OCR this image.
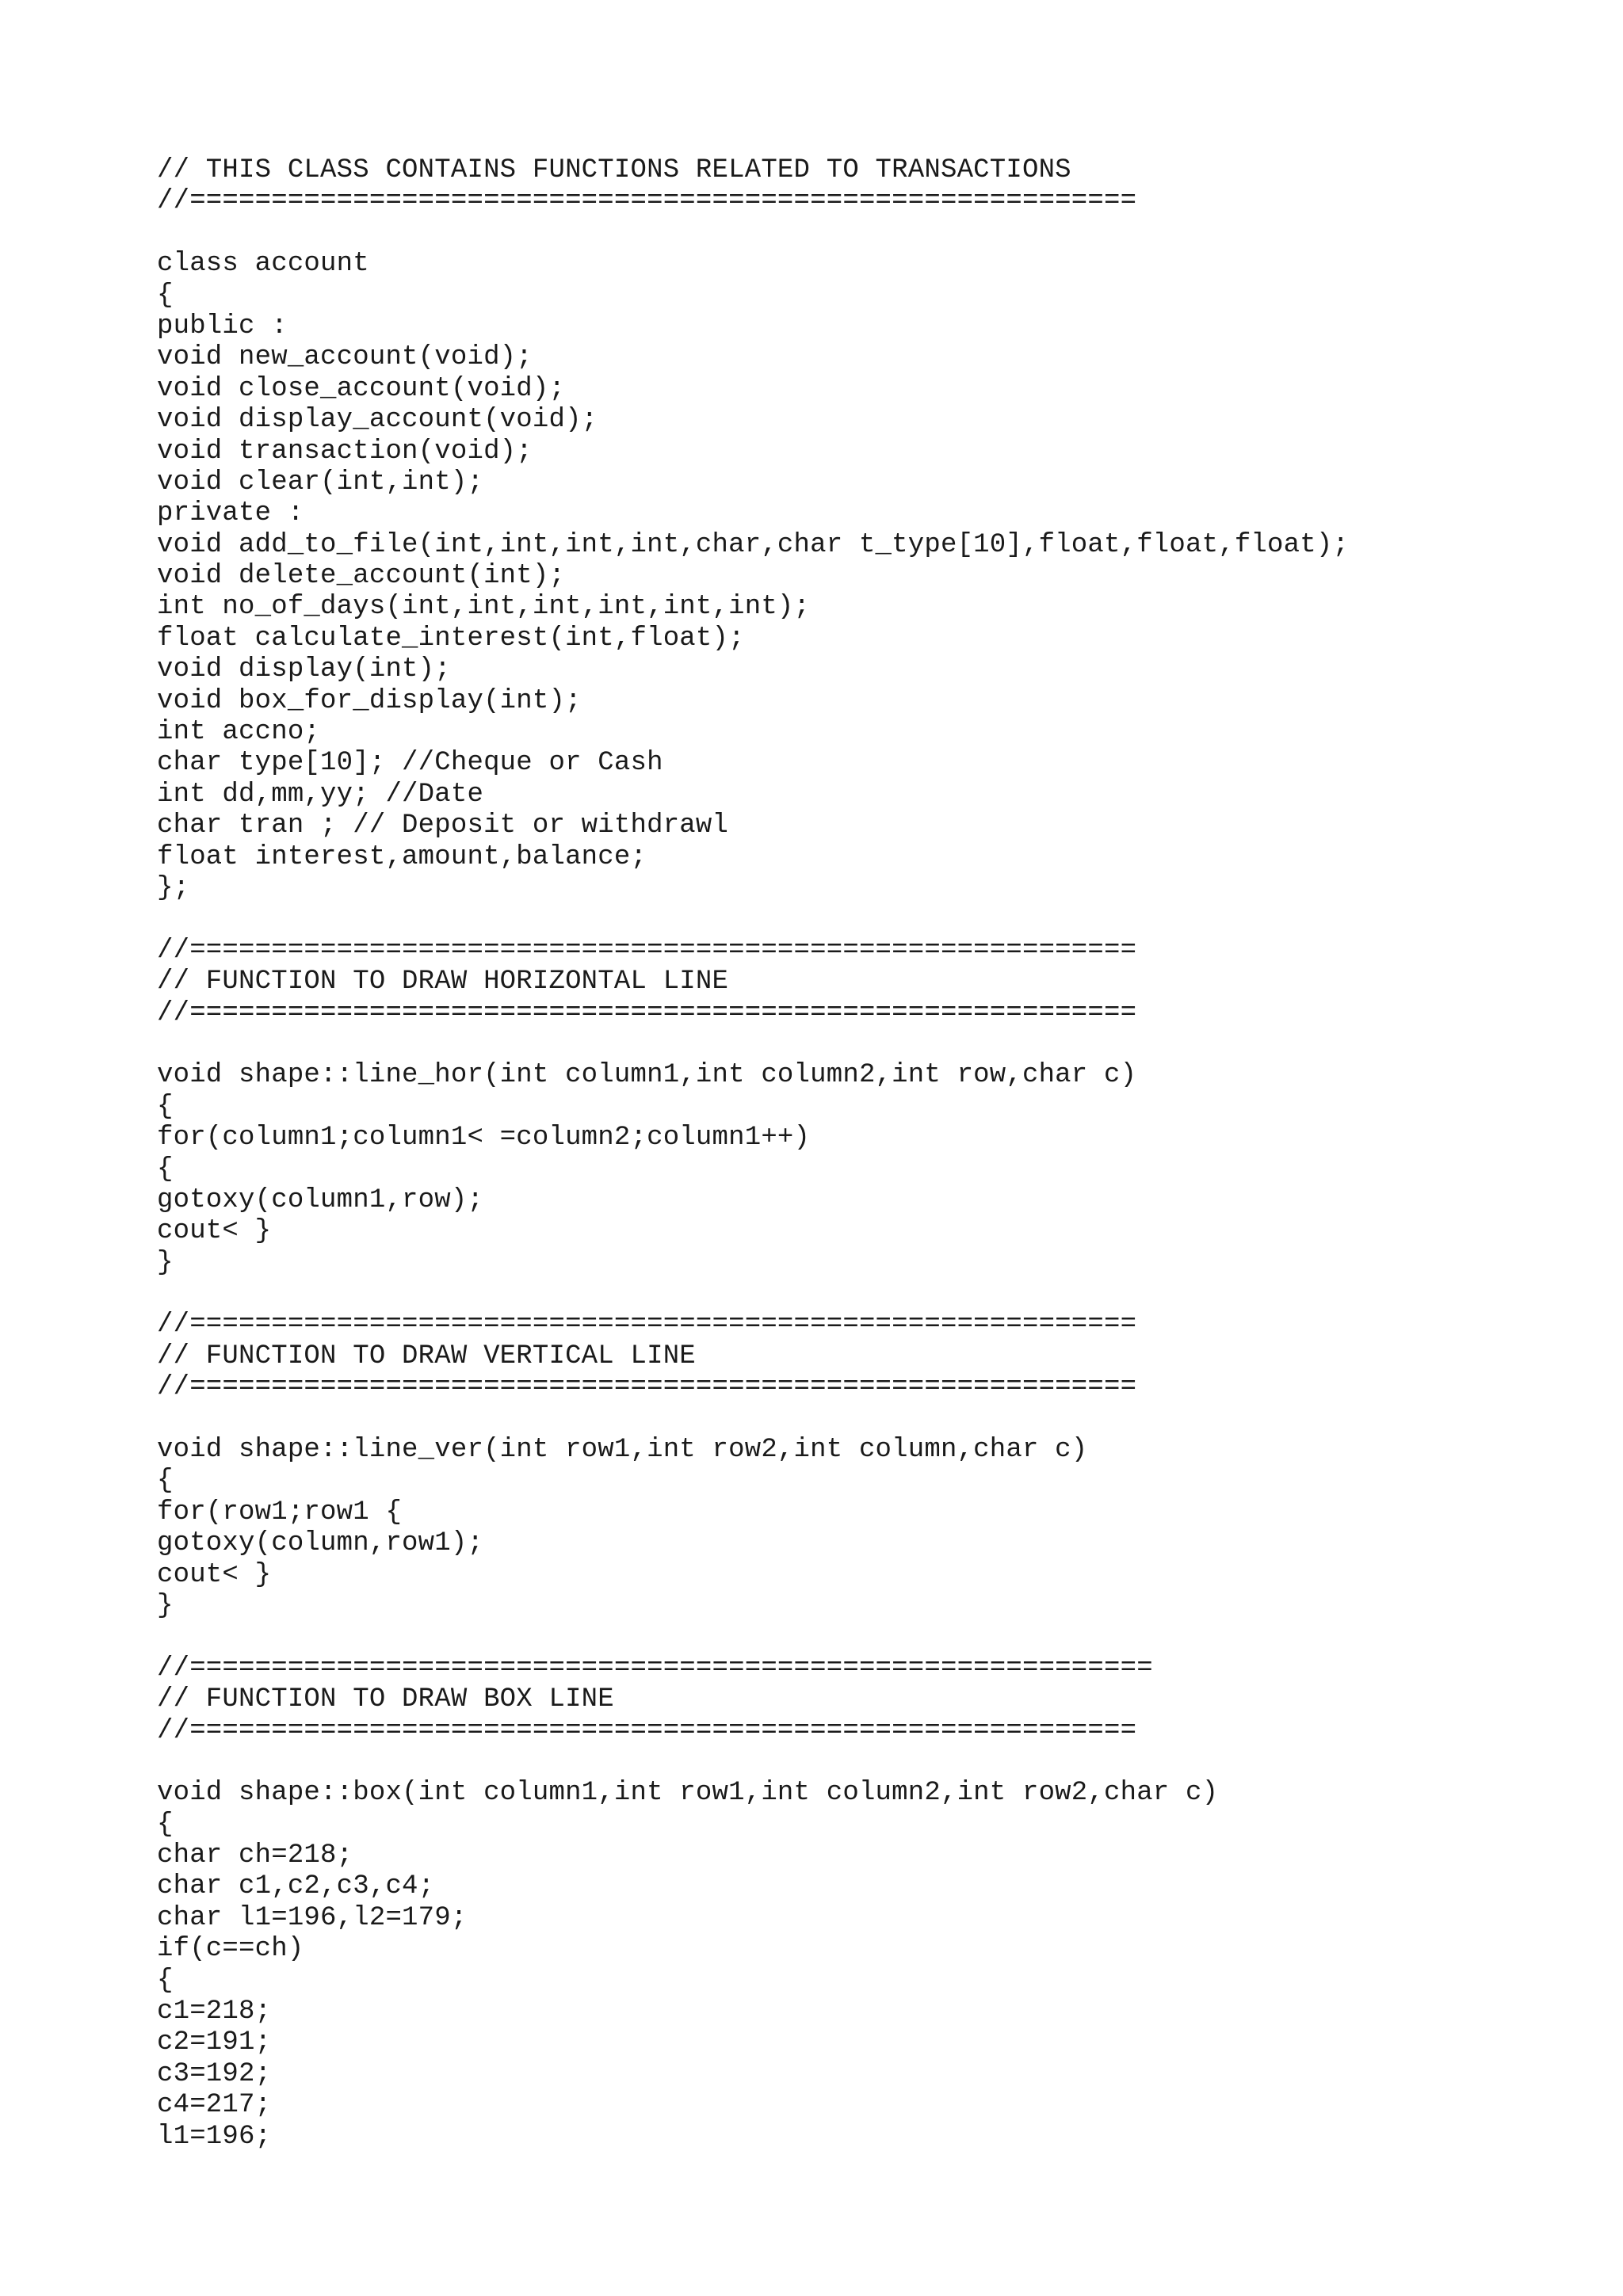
// THIS CLASS CONTAINS FUNCTIONS RELATED TO TRANSACTIONS
//==========================================================
class account
{
public :
void new_account(void);
void close_account(void);
void display_account(void);
void transaction(void);
void clear(int,int);
private :
void add_to_file(int,int,int,int,char,char t_type[10],float,float,float);
void delete_account(int);
int no_of_days(int,int,int,int,int,int);
float calculate_interest(int,float);
void display(int);
void box_for_display(int);
int accno;
char type[10]; //Cheque or Cash
int dd,mm,yy; //Date
char tran ; // Deposit or withdrawl
float interest,amount,balance;
};
//==========================================================
// FUNCTION TO DRAW HORIZONTAL LINE
//==========================================================
void shape::line_hor(int column1,int column2,int row,char c)
{
for(column1;column1< =column2;column1++)
{
gotoxy(column1,row);
cout< }
}
//==========================================================
// FUNCTION TO DRAW VERTICAL LINE
//==========================================================
void shape::line_ver(int row1,int row2,int column,char c)
{
for(row1;row1 {
gotoxy(column,row1);
cout< }
}
//===========================================================
// FUNCTION TO DRAW BOX LINE
//==========================================================
void shape::box(int column1,int row1,int column2,int row2,char c)
{
char ch=218;
char c1,c2,c3,c4;
char l1=196,l2=179;
if(c==ch)
{
c1=218;
c2=191;
c3=192;
c4=217;
l1=196;
